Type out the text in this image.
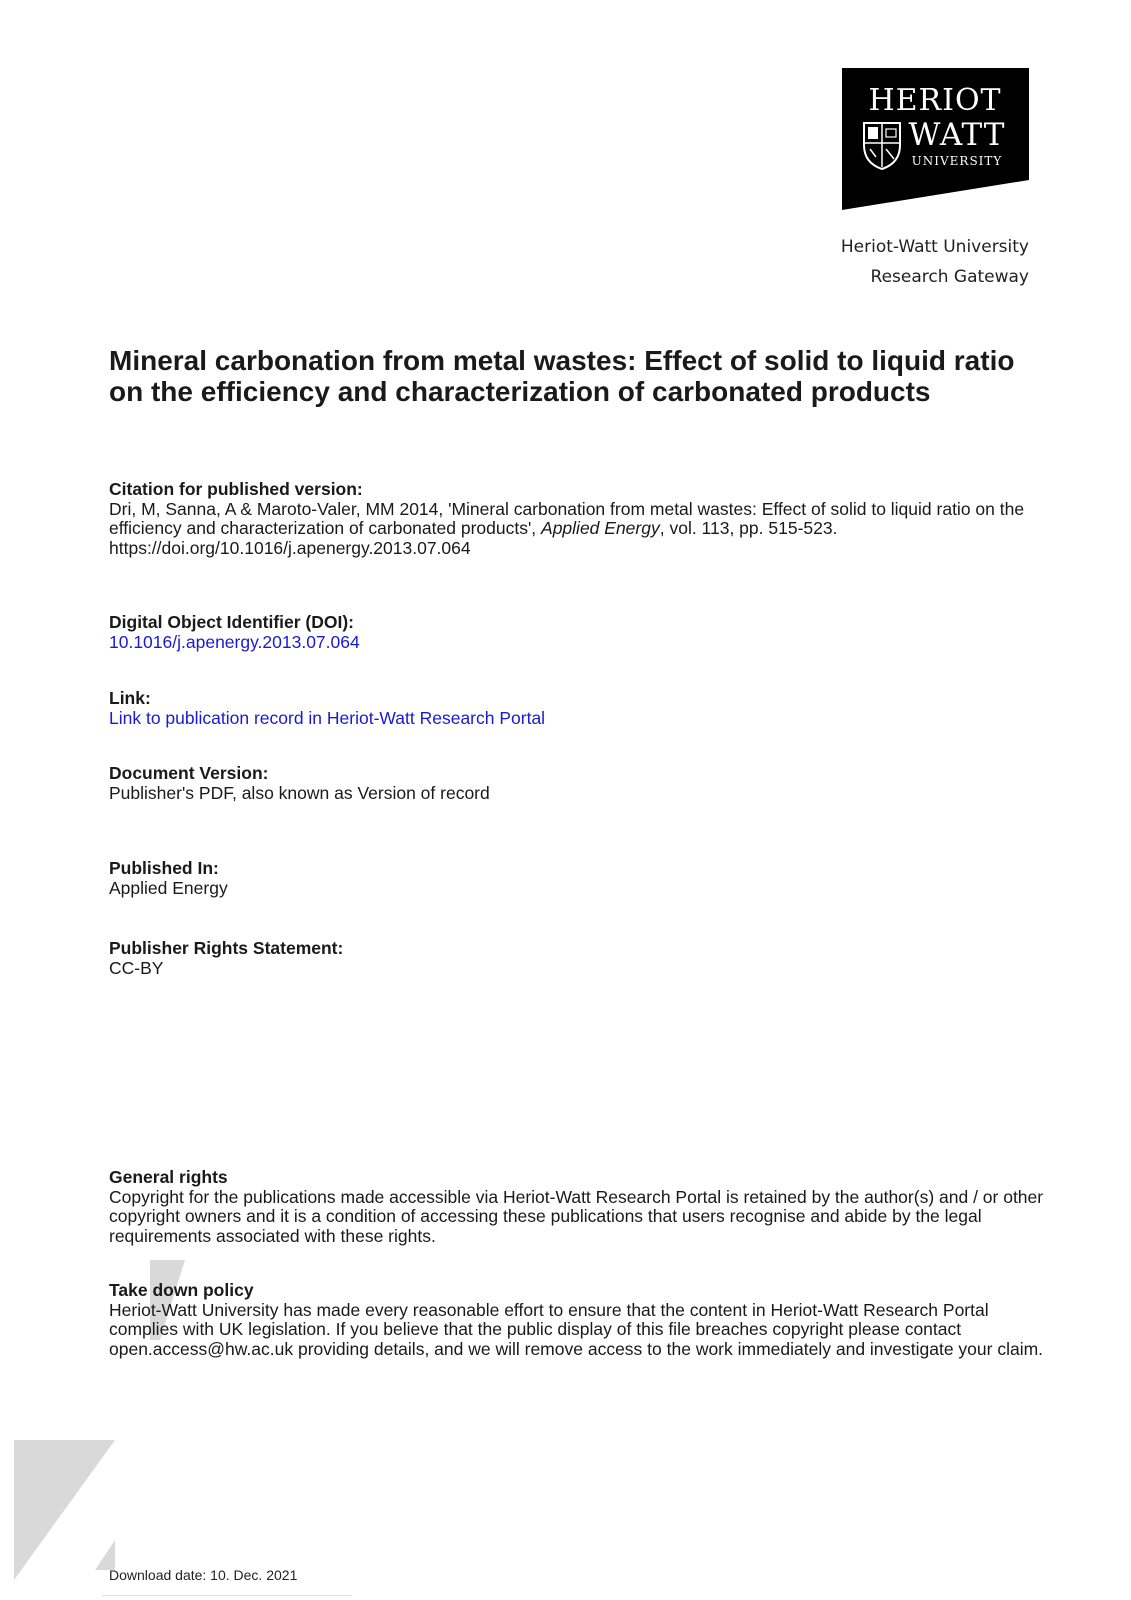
HERIOT
WATT
UNIVERSITY
Heriot-Watt University
Research Gateway
Mineral carbonation from metal wastes: Effect of solid to liquid ratio on the efficiency and characterization of carbonated products
Citation for published version:
Dri, M, Sanna, A & Maroto-Valer, MM 2014, 'Mineral carbonation from metal wastes: Effect of solid to liquid ratio on the efficiency and characterization of carbonated products', Applied Energy, vol. 113, pp. 515-523.
https://doi.org/10.1016/j.apenergy.2013.07.064
Digital Object Identifier (DOI):
10.1016/j.apenergy.2013.07.064
Link:
Link to publication record in Heriot-Watt Research Portal
Document Version:
Publisher's PDF, also known as Version of record
Published In:
Applied Energy
Publisher Rights Statement:
CC-BY
General rights
Copyright for the publications made accessible via Heriot-Watt Research Portal is retained by the author(s) and / or other copyright owners and it is a condition of accessing these publications that users recognise and abide by the legal requirements associated with these rights.
Take down policy
Heriot-Watt University has made every reasonable effort to ensure that the content in Heriot-Watt Research Portal complies with UK legislation. If you believe that the public display of this file breaches copyright please contact open.access@hw.ac.uk providing details, and we will remove access to the work immediately and investigate your claim.
Download date: 10. Dec. 2021
